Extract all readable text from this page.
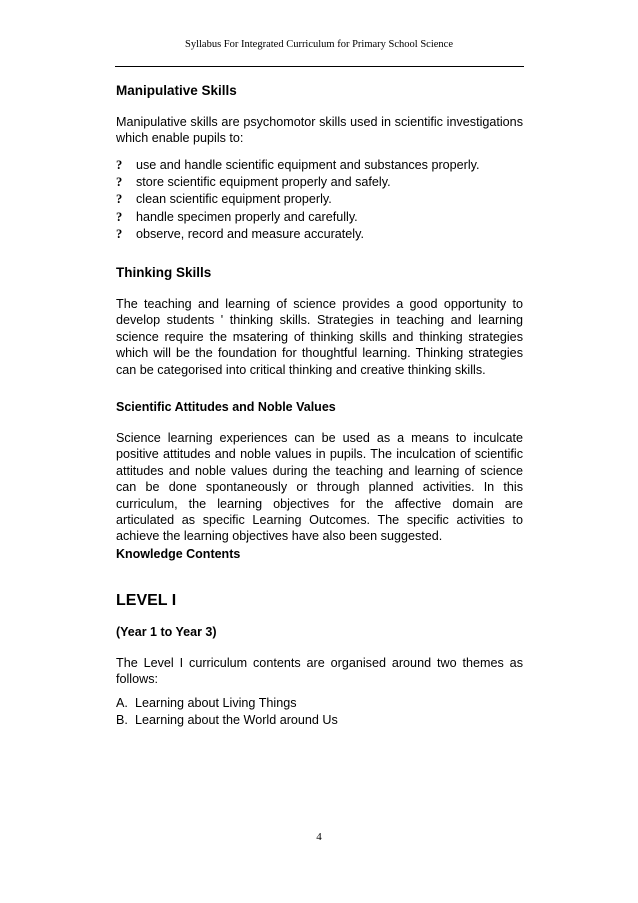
Syllabus For Integrated Curriculum for Primary School Science
Manipulative Skills
Manipulative skills are psychomotor skills used in scientific investigations which enable pupils to:
? use and handle scientific equipment and substances properly.
? store scientific equipment properly and safely.
? clean scientific equipment properly.
? handle specimen properly and carefully.
? observe, record and measure accurately.
Thinking Skills
The teaching and learning of science provides a good opportunity to develop students ' thinking skills. Strategies in teaching and learning science require the msatering of thinking skills and thinking strategies which will be the foundation for thoughtful learning. Thinking strategies can be categorised into critical thinking and creative thinking skills.
Scientific Attitudes and Noble Values
Science learning experiences can be used as a means to inculcate positive attitudes and noble values in pupils. The inculcation of scientific attitudes and noble values during the teaching and learning of science can be done spontaneously or through planned activities. In this curriculum, the learning objectives for the affective domain are articulated as specific Learning Outcomes. The specific activities to achieve the learning objectives have also been suggested.
Knowledge Contents
LEVEL I
(Year 1 to Year 3)
The Level I curriculum contents are organised around two themes as follows:
A. Learning about Living Things
B. Learning about the World around Us
4
